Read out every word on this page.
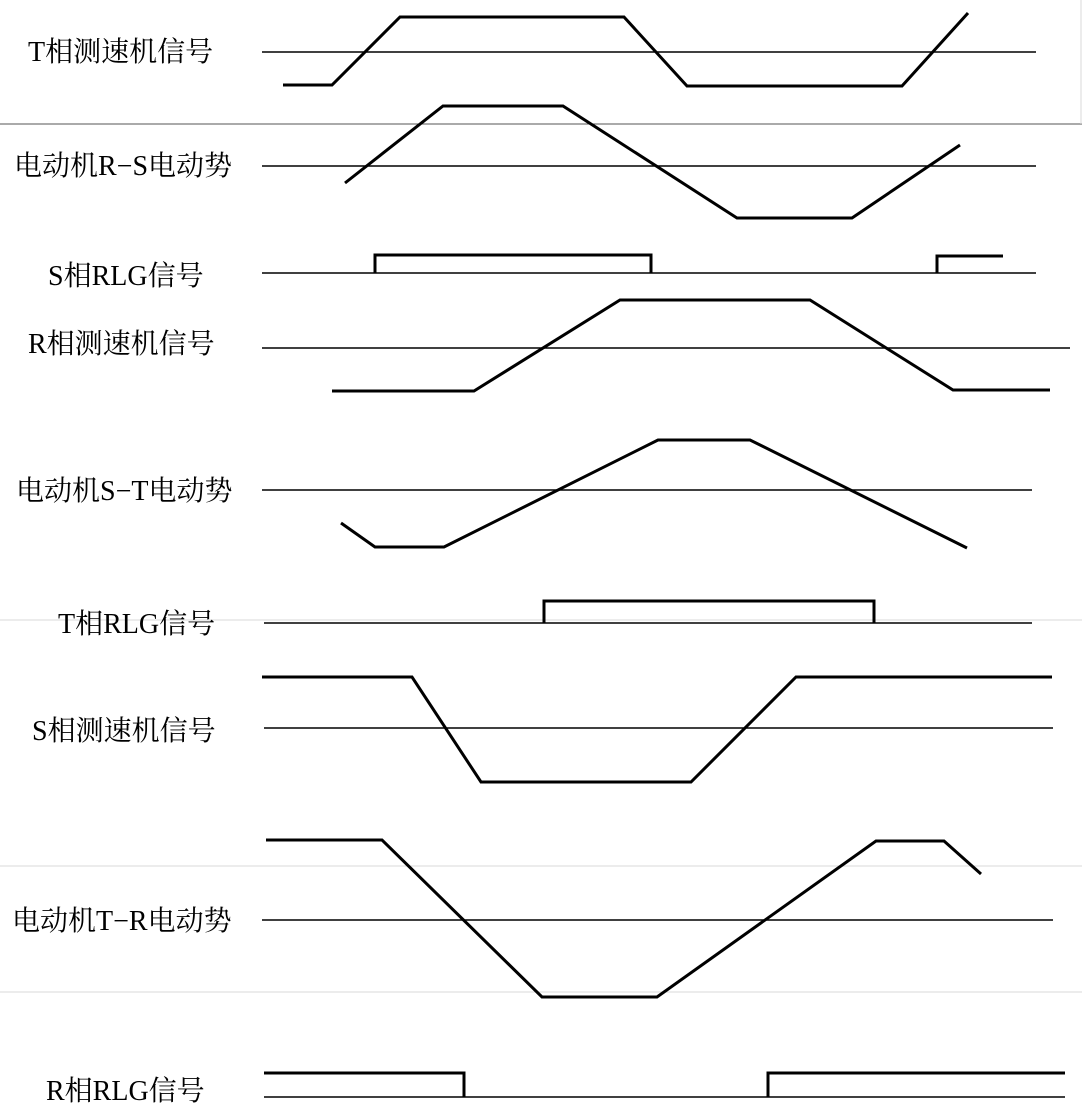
T相测速机信号
电动机R−S电动势
S相RLG信号
R相测速机信号
电动机S−T电动势
T相RLG信号
S相测速机信号
电动机T−R电动势
R相RLG信号
